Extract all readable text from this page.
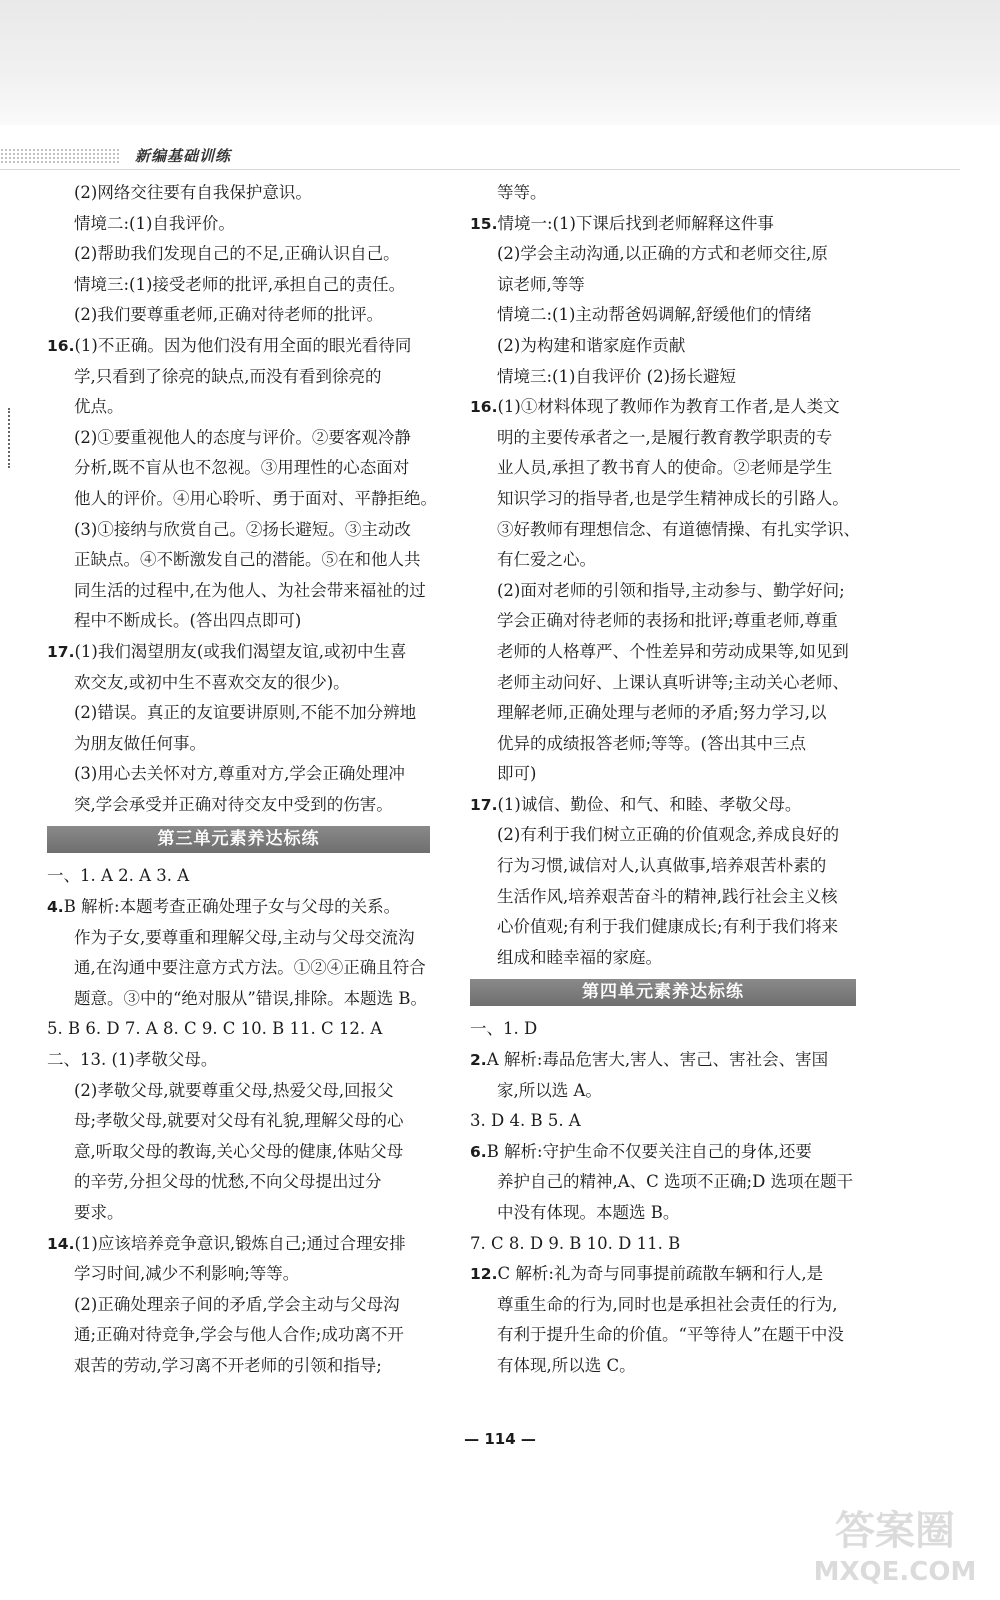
新编基础训练
(2)网络交往要有自我保护意识。
情境二:(1)自我评价。
(2)帮助我们发现自己的不足,正确认识自己。
情境三:(1)接受老师的批评,承担自己的责任。
(2)我们要尊重老师,正确对待老师的批评。
16.(1)不正确。因为他们没有用全面的眼光看待同
学,只看到了徐亮的缺点,而没有看到徐亮的
优点。
(2)①要重视他人的态度与评价。②要客观冷静
分析,既不盲从也不忽视。③用理性的心态面对
他人的评价。④用心聆听、勇于面对、平静拒绝。
(3)①接纳与欣赏自己。②扬长避短。③主动改
正缺点。④不断激发自己的潜能。⑤在和他人共
同生活的过程中,在为他人、为社会带来福祉的过
程中不断成长。(答出四点即可)
17.(1)我们渴望朋友(或我们渴望友谊,或初中生喜
欢交友,或初中生不喜欢交友的很少)。
(2)错误。真正的友谊要讲原则,不能不加分辨地
为朋友做任何事。
(3)用心去关怀对方,尊重对方,学会正确处理冲
突,学会承受并正确对待交友中受到的伤害。
第三单元素养达标练
一、1. A 2. A 3. A
4.B 解析:本题考查正确处理子女与父母的关系。
作为子女,要尊重和理解父母,主动与父母交流沟
通,在沟通中要注意方式方法。①②④正确且符合
题意。③中的“绝对服从”错误,排除。本题选 B。
5. B 6. D 7. A 8. C 9. C 10. B 11. C 12. A
二、13. (1)孝敬父母。
(2)孝敬父母,就要尊重父母,热爱父母,回报父
母;孝敬父母,就要对父母有礼貌,理解父母的心
意,听取父母的教诲,关心父母的健康,体贴父母
的辛劳,分担父母的忧愁,不向父母提出过分
要求。
14.(1)应该培养竞争意识,锻炼自己;通过合理安排
学习时间,减少不利影响;等等。
(2)正确处理亲子间的矛盾,学会主动与父母沟
通;正确对待竞争,学会与他人合作;成功离不开
艰苦的劳动,学习离不开老师的引领和指导;
等等。
15.情境一:(1)下课后找到老师解释这件事
(2)学会主动沟通,以正确的方式和老师交往,原
谅老师,等等
情境二:(1)主动帮爸妈调解,舒缓他们的情绪
(2)为构建和谐家庭作贡献
情境三:(1)自我评价 (2)扬长避短
16.(1)①材料体现了教师作为教育工作者,是人类文
明的主要传承者之一,是履行教育教学职责的专
业人员,承担了教书育人的使命。②老师是学生
知识学习的指导者,也是学生精神成长的引路人。
③好教师有理想信念、有道德情操、有扎实学识、
有仁爱之心。
(2)面对老师的引领和指导,主动参与、勤学好问;
学会正确对待老师的表扬和批评;尊重老师,尊重
老师的人格尊严、个性差异和劳动成果等,如见到
老师主动问好、上课认真听讲等;主动关心老师、
理解老师,正确处理与老师的矛盾;努力学习,以
优异的成绩报答老师;等等。(答出其中三点
即可)
17.(1)诚信、勤俭、和气、和睦、孝敬父母。
(2)有利于我们树立正确的价值观念,养成良好的
行为习惯,诚信对人,认真做事,培养艰苦朴素的
生活作风,培养艰苦奋斗的精神,践行社会主义核
心价值观;有利于我们健康成长;有利于我们将来
组成和睦幸福的家庭。
第四单元素养达标练
一、1. D
2.A 解析:毒品危害大,害人、害己、害社会、害国
家,所以选 A。
3. D 4. B 5. A
6.B 解析:守护生命不仅要关注自己的身体,还要
养护自己的精神,A、C 选项不正确;D 选项在题干
中没有体现。本题选 B。
7. C 8. D 9. B 10. D 11. B
12.C 解析:礼为奇与同事提前疏散车辆和行人,是
尊重生命的行为,同时也是承担社会责任的行为,
有利于提升生命的价值。“平等待人”在题干中没
有体现,所以选 C。
— 114 —
答案圈
MXQE.COM
